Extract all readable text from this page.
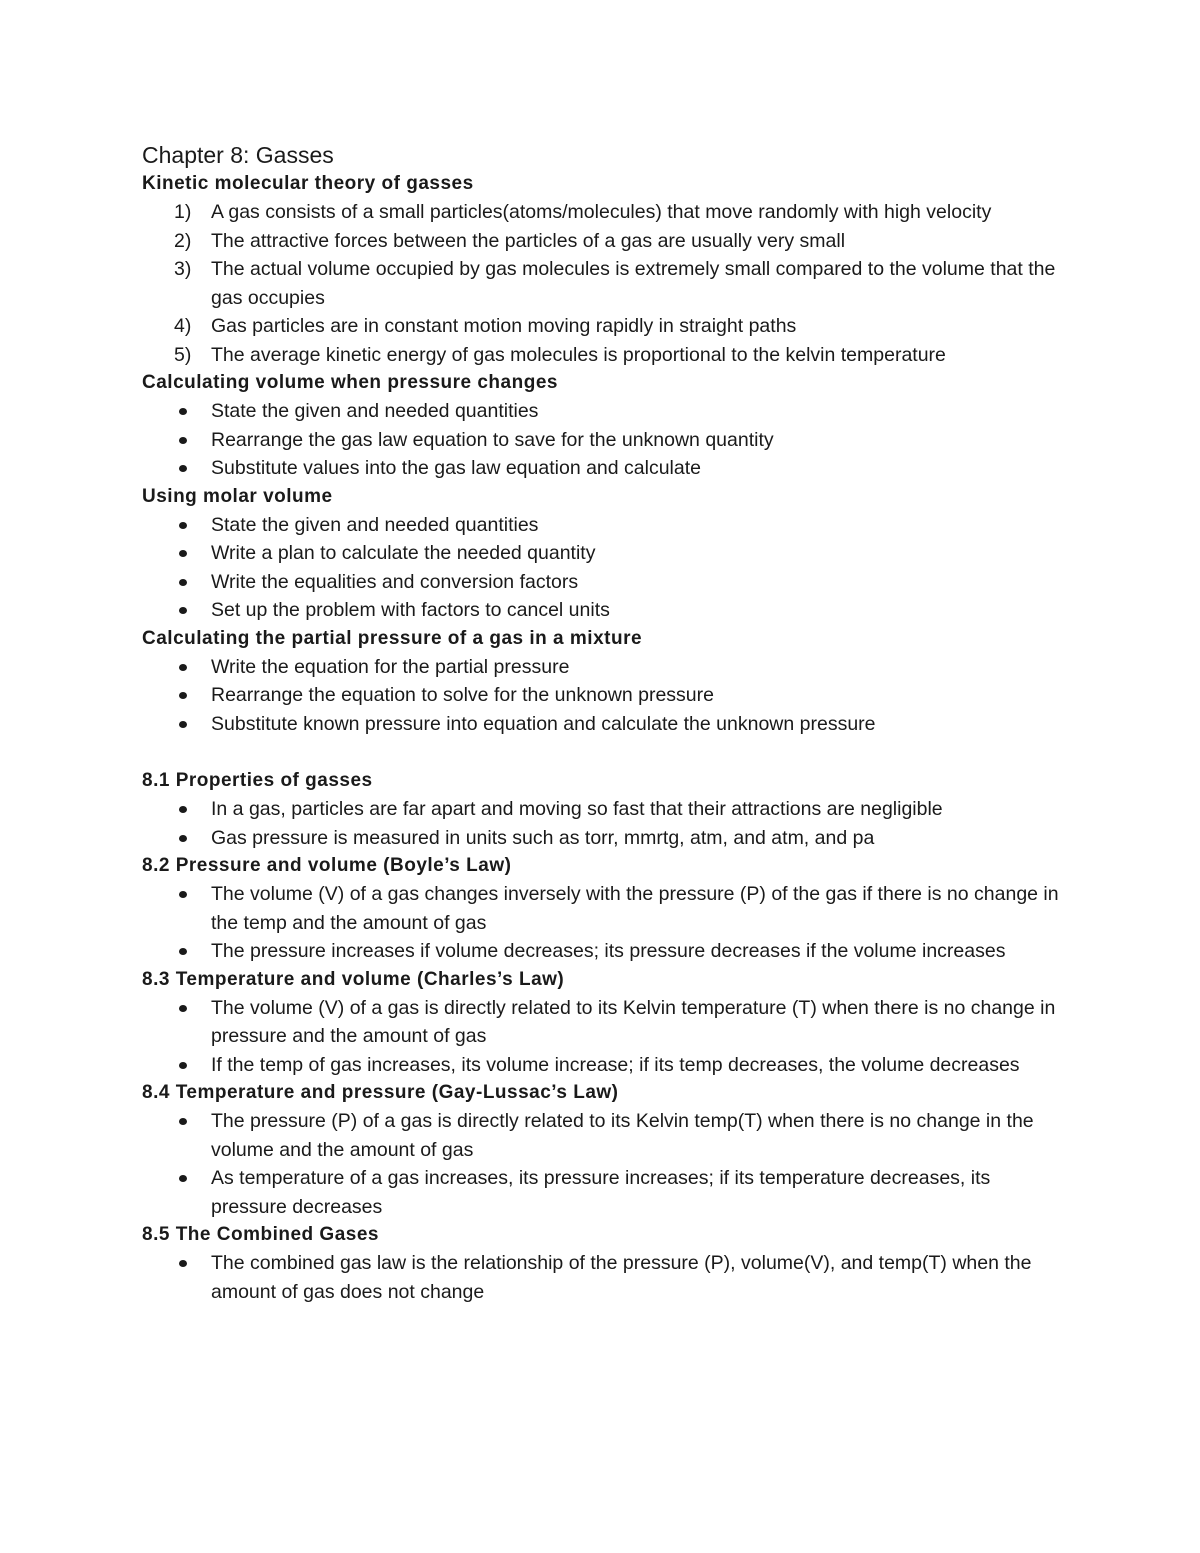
Chapter 8: Gasses
Kinetic molecular theory of gasses
1) A gas consists of a small particles(atoms/molecules) that move randomly with high velocity
2) The attractive forces between the particles of a gas are usually very small
3) The actual volume occupied by gas molecules is extremely small compared to the volume that the gas occupies
4) Gas particles are in constant motion moving rapidly in straight paths
5) The average kinetic energy of gas molecules is proportional to the kelvin temperature
Calculating volume when pressure changes
State the given and needed quantities
Rearrange the gas law equation to save for the unknown quantity
Substitute values into the gas law equation and calculate
Using molar volume
State the given and needed quantities
Write a plan to calculate the needed quantity
Write the equalities and conversion factors
Set up the problem with factors to cancel units
Calculating the partial pressure of a gas in a mixture
Write the equation for the partial pressure
Rearrange the equation to solve for the unknown pressure
Substitute known pressure into equation and calculate the unknown pressure
8.1 Properties of gasses
In a gas, particles are far apart and moving so fast that their attractions are negligible
Gas pressure is measured in units such as torr, mmrtg, atm, and atm, and pa
8.2 Pressure and volume (Boyle’s Law)
The volume (V) of a gas changes inversely with the pressure (P) of the gas if there is no change in the temp and the amount of gas
The pressure increases if volume decreases; its pressure decreases if the volume increases
8.3 Temperature and volume (Charles’s Law)
The volume (V) of a gas is directly related to its Kelvin temperature (T) when there is no change in pressure and the amount of gas
If the temp of gas increases, its volume increase; if its temp decreases, the volume decreases
8.4 Temperature and pressure (Gay-Lussac’s Law)
The pressure (P) of a gas is directly related to its Kelvin temp(T) when there is no change in the volume and the amount of gas
As temperature of a gas increases, its pressure increases; if its temperature decreases, its pressure decreases
8.5 The Combined Gases
The combined gas law is the relationship of the pressure (P), volume(V), and temp(T) when the amount of gas does not change
